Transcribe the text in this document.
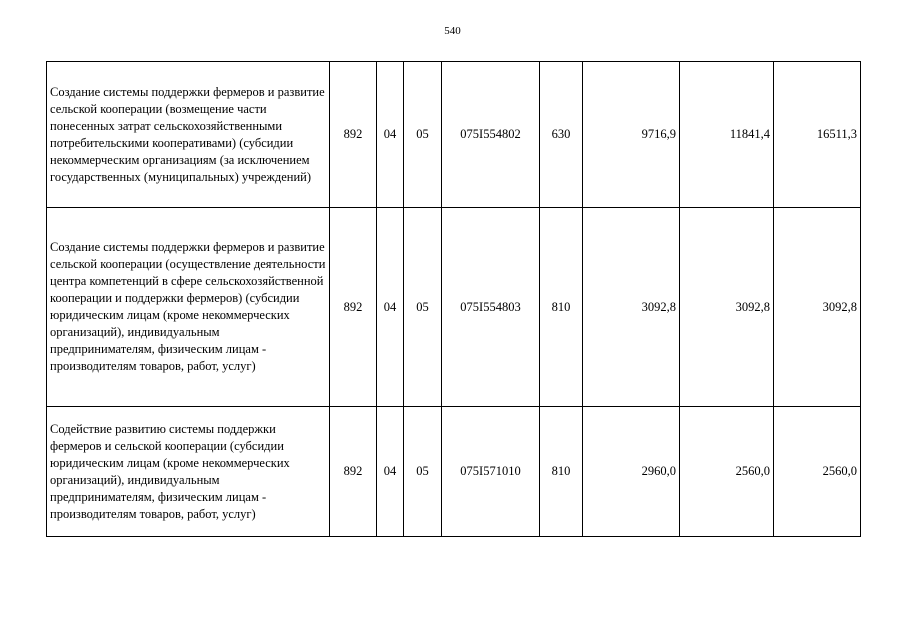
540
Создание системы поддержки фермеров и развитие сельской кооперации (возмещение части понесенных затрат сельскохозяйственными потребительскими кооперативами) (субсидии некоммерческим организациям (за исключением государственных (муниципальных) учреждений)	892	04	05	075I554802	630	9716,9	11841,4	16511,3
Создание системы поддержки фермеров и развитие сельской кооперации (осуществление деятельности центра компетенций в сфере сельскохозяйственной кооперации и поддержки фермеров) (субсидии юридическим лицам (кроме некоммерческих организаций), индивидуальным предпринимателям, физическим лицам - производителям товаров, работ, услуг)	892	04	05	075I554803	810	3092,8	3092,8	3092,8
Содействие развитию системы поддержки фермеров и сельской кооперации (субсидии юридическим лицам (кроме некоммерческих организаций), индивидуальным предпринимателям, физическим лицам - производителям товаров, работ, услуг)	892	04	05	075I571010	810	2960,0	2560,0	2560,0
